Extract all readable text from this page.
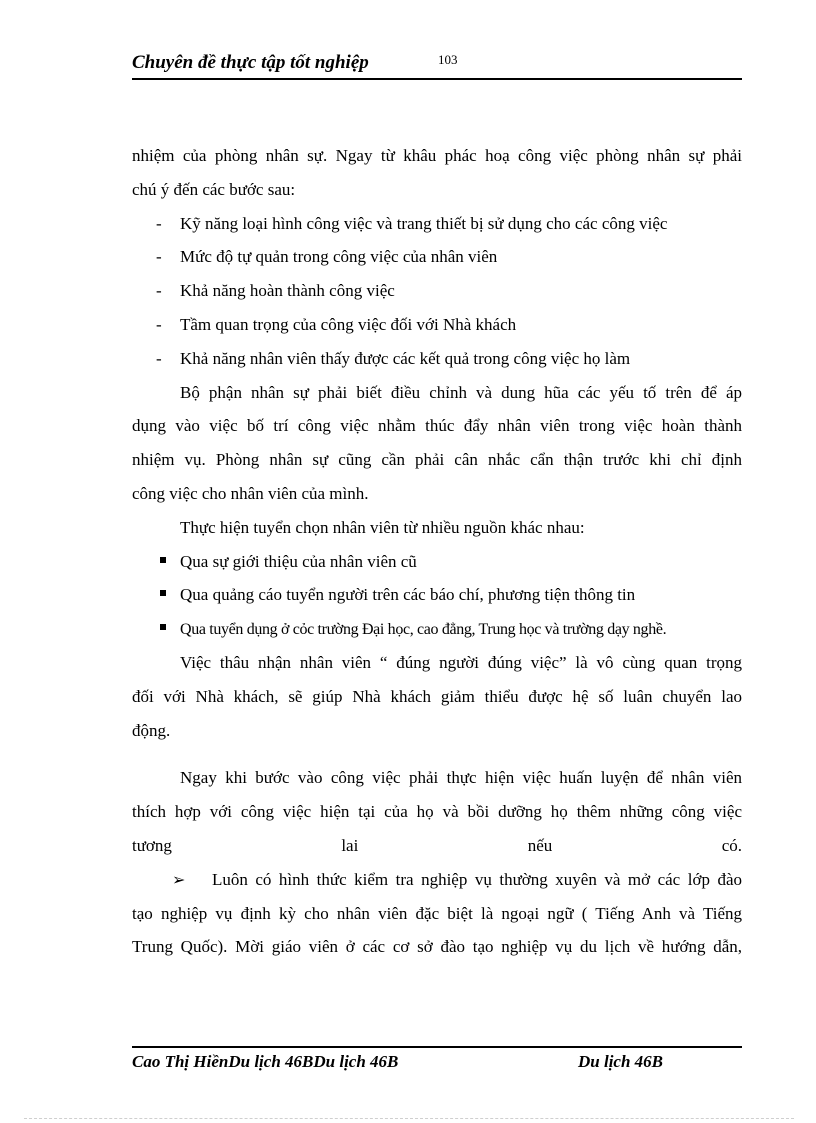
Chuyên đề thực tập tốt nghiệp	103
nhiệm của phòng nhân sự. Ngay từ khâu phác hoạ công việc phòng nhân sự phải
chú ý đến các bước sau:
- Kỹ năng loại hình công việc và trang thiết bị sử dụng cho các công việc
- Mức độ tự quản trong công việc của nhân viên
- Khả năng hoàn thành công việc
- Tầm quan trọng của công việc đối với Nhà khách
- Khả năng nhân viên thấy được các kết quả trong công việc họ làm
Bộ phận nhân sự phải biết điều chỉnh và dung hũa các yếu tố trên để áp
dụng vào việc bố trí công việc nhằm thúc đẩy nhân viên trong việc hoàn thành
nhiệm vụ. Phòng nhân sự cũng cần phải cân nhắc cẩn thận trước khi chỉ định
công việc cho nhân viên của mình.
Thực hiện tuyển chọn nhân viên từ nhiều nguồn khác nhau:
Qua sự giới thiệu của nhân viên cũ
Qua quảng cáo tuyển người trên các báo chí, phương tiện thông tin
Qua tuyển dụng ở cỏc trường Đại học, cao đẳng, Trung học và trường dạy nghề.
Việc thâu nhận nhân viên “ đúng người đúng việc” là vô cùng quan trọng
đối với Nhà khách, sẽ giúp Nhà khách giảm thiểu được hệ số luân chuyển lao
động.
Ngay khi bước vào công việc phải thực hiện việc huấn luyện để nhân viên
thích hợp với công việc hiện tại của họ và bồi dưỡng họ thêm những công việc
tương lai nếu có.
➢ Luôn có hình thức kiểm tra nghiệp vụ thường xuyên và mở các lớp đào
tạo nghiệp vụ định kỳ cho nhân viên đặc biệt là ngoại ngữ ( Tiếng Anh và Tiếng
Trung Quốc). Mời giáo viên ở các cơ sở đào tạo nghiệp vụ du lịch về hướng dẫn,
Cao Thị HiềnDu lịch 46BDu lịch 46B	Du lịch 46B
